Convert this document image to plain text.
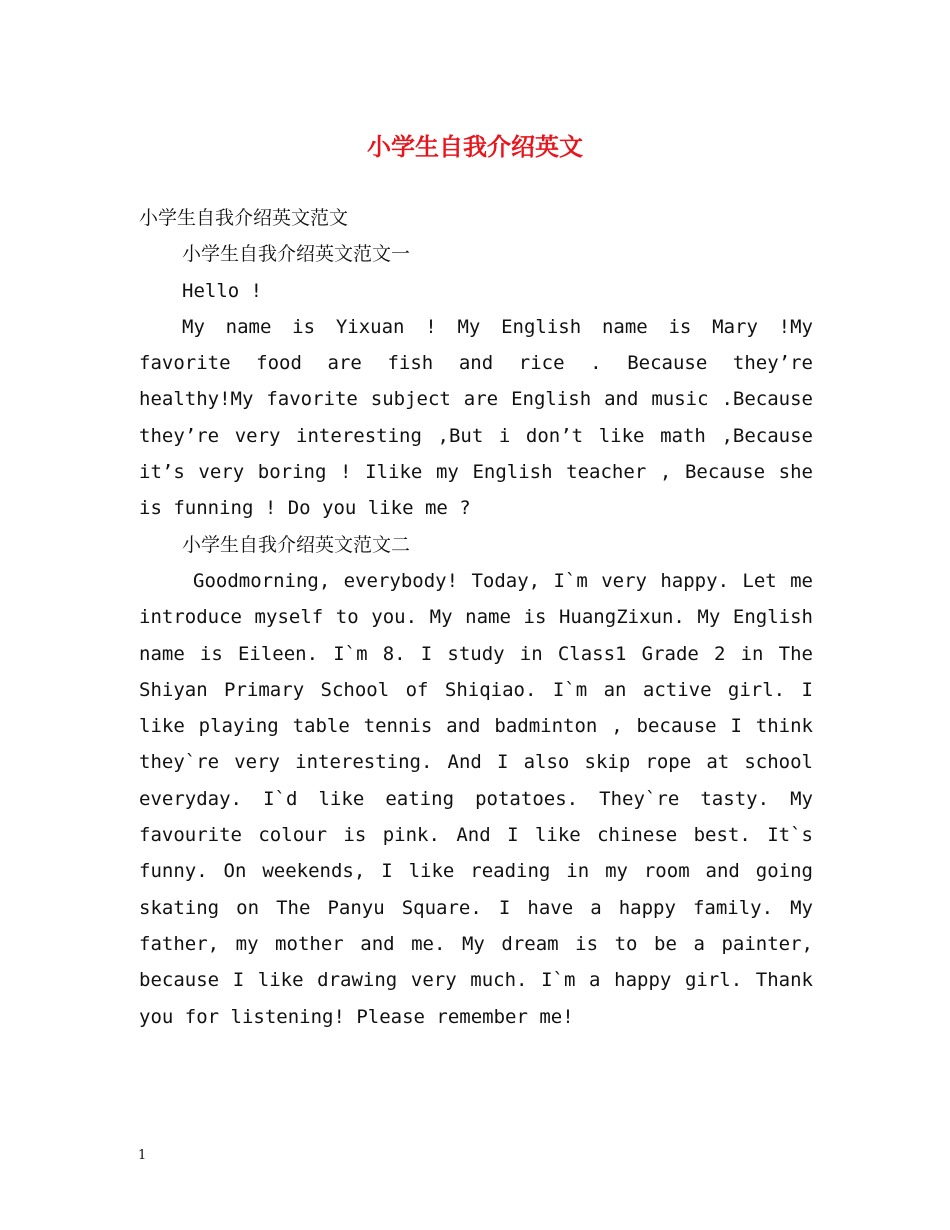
小学生自我介绍英文

小学生自我介绍英文范文

小学生自我介绍英文范文一

Hello !

My name is Yixuan ! My English name is Mary !My favorite food are fish and rice . Because they’re healthy!My favorite subject are English and music .Because they’re very interesting ,But i don’t like math ,Because it’s very boring ! Ilike my English teacher , Because she is funning ! Do you like me ?

小学生自我介绍英文范文二

Goodmorning, everybody! Today, I`m very happy. Let me introduce myself to you. My name is HuangZixun. My English name is Eileen. I`m 8. I study in Class1 Grade 2 in The Shiyan Primary School of Shiqiao. I`m an active girl. I like playing table tennis and badminton , because I think they`re very interesting. And I also skip rope at school everyday. I`d like eating potatoes. They`re tasty. My favourite colour is pink. And I like chinese best. It`s funny. On weekends, I like reading in my room and going skating on The Panyu Square. I have a happy family. My father, my mother and me. My dream is to be a painter, because I like drawing very much. I`m a happy girl. Thank you for listening! Please remember me!

1
